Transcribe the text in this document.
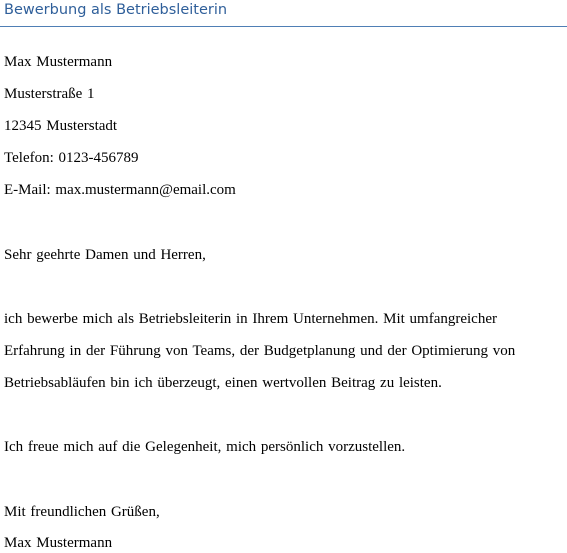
Bewerbung als Betriebsleiterin
Max Mustermann
Musterstraße 1
12345 Musterstadt
Telefon: 0123-456789
E-Mail: max.mustermann@email.com
Sehr geehrte Damen und Herren,
ich bewerbe mich als Betriebsleiterin in Ihrem Unternehmen. Mit umfangreicher
Erfahrung in der Führung von Teams, der Budgetplanung und der Optimierung von
Betriebsabläufen bin ich überzeugt, einen wertvollen Beitrag zu leisten.
Ich freue mich auf die Gelegenheit, mich persönlich vorzustellen.
Mit freundlichen Grüßen,
Max Mustermann
